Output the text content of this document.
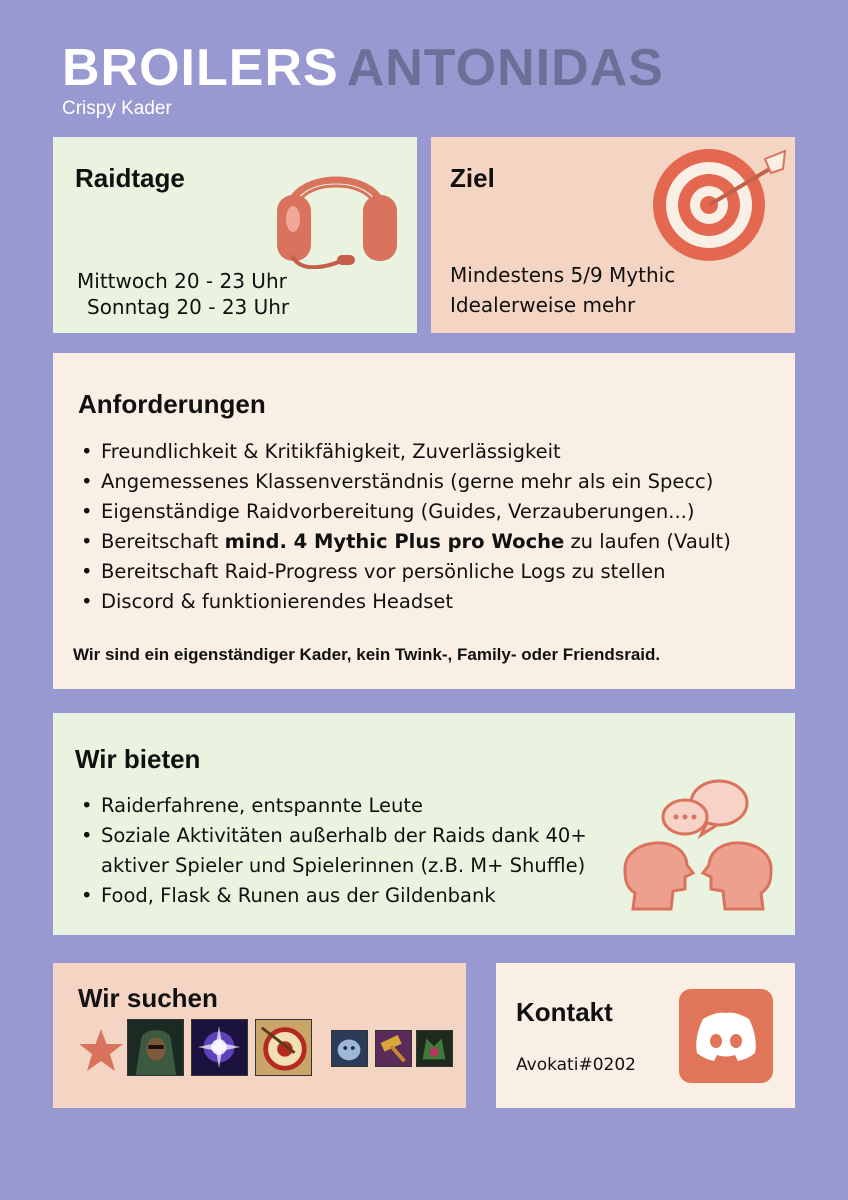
BROILERS ANTONIDAS
Crispy Kader
Raidtage
Mittwoch 20 - 23 Uhr
Sonntag 20 - 23 Uhr
Ziel
Mindestens 5/9 Mythic
Idealerweise mehr
Anforderungen
• Freundlichkeit & Kritikfähigkeit, Zuverlässigkeit
• Angemessenes Klassenverständnis (gerne mehr als ein Specc)
• Eigenständige Raidvorbereitung (Guides, Verzauberungen...)
• Bereitschaft mind. 4 Mythic Plus pro Woche zu laufen (Vault)
• Bereitschaft Raid-Progress vor persönliche Logs zu stellen
• Discord & funktionierendes Headset
Wir sind ein eigenständiger Kader, kein Twink-, Family- oder Friendsraid.
Wir bieten
• Raiderfahrene, entspannte Leute
• Soziale Aktivitäten außerhalb der Raids dank 40+ aktiver Spieler und Spielerinnen (z.B. M+ Shuffle)
• Food, Flask & Runen aus der Gildenbank
Wir suchen	Kontakt
Avokati#0202
